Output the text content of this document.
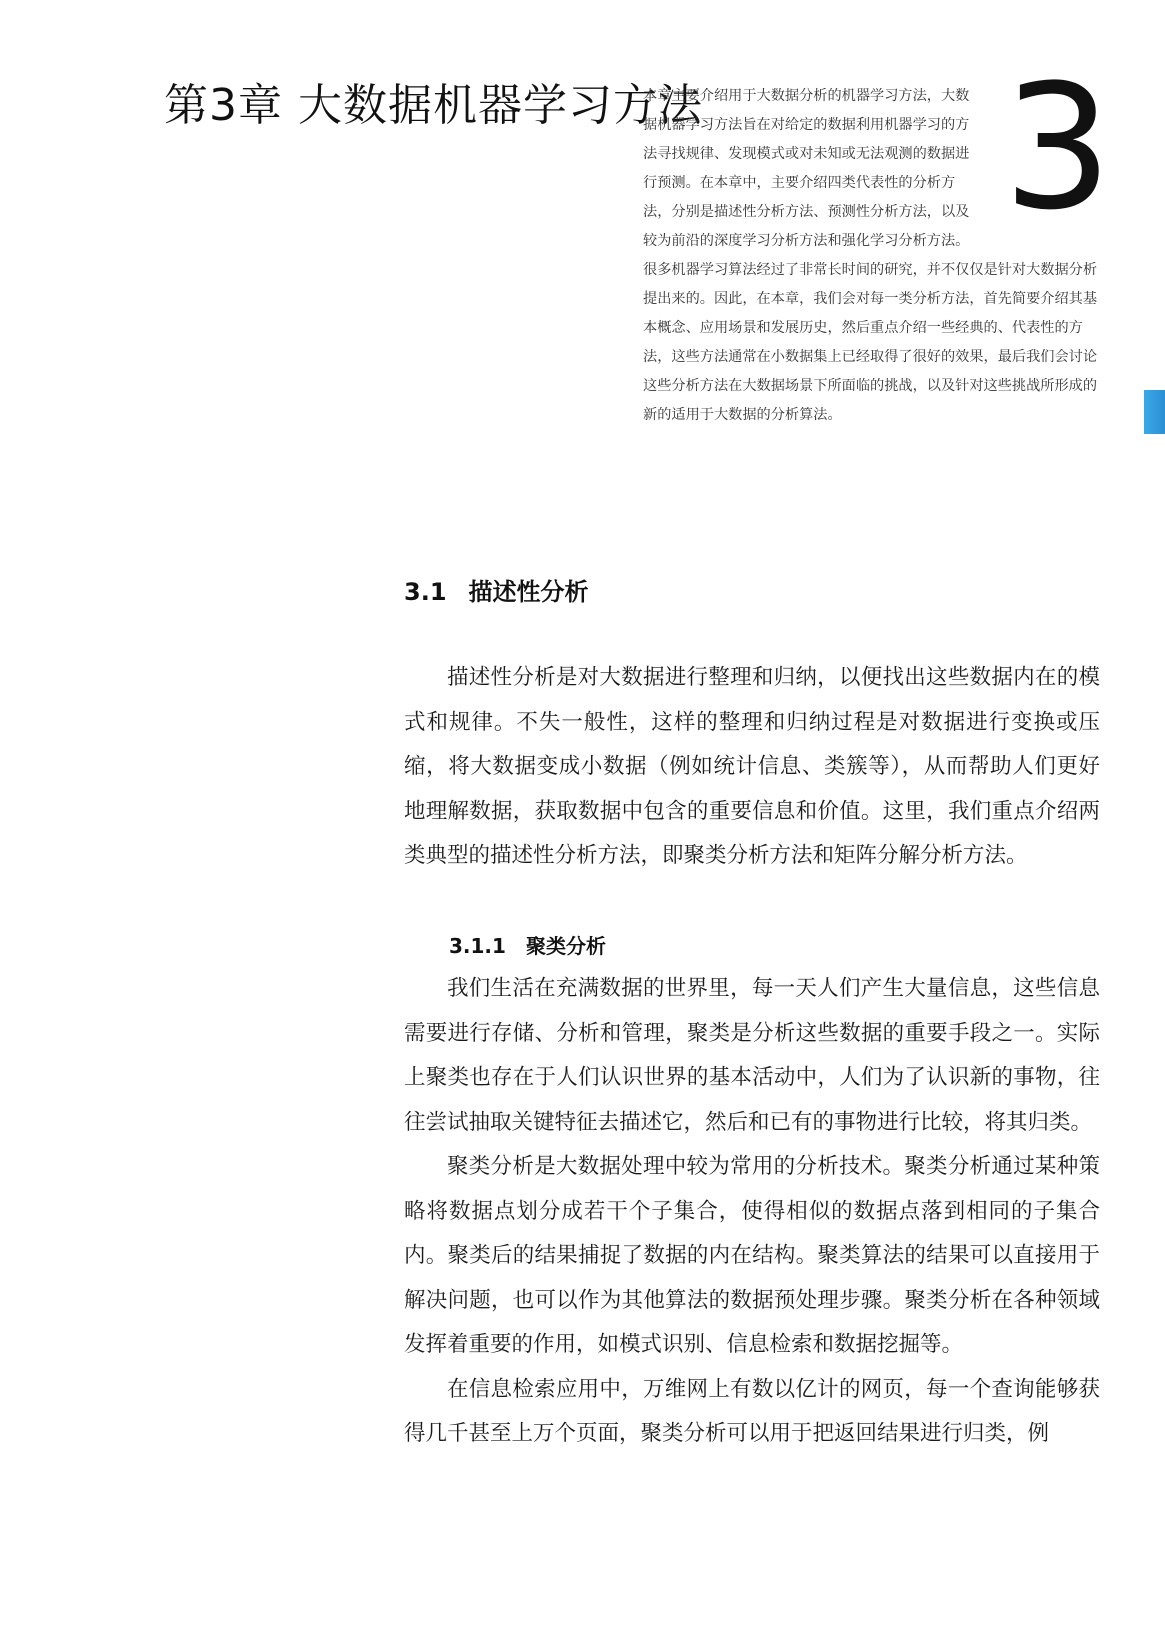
第3章 大数据机器学习方法
本章主要介绍用于大数据分析的机器学习方法，大数据机器学习方法旨在对给定的数据利用机器学习的方法寻找规律、发现模式或对未知或无法观测的数据进行预测。在本章中，主要介绍四类代表性的分析方法，分别是描述性分析方法、预测性分析方法，以及较为前沿的深度学习分析方法和强化学习分析方法。很多机器学习算法经过了非常长时间的研究，并不仅仅是针对大数据分析提出来的。因此，在本章，我们会对每一类分析方法，首先简要介绍其基本概念、应用场景和发展历史，然后重点介绍一些经典的、代表性的方法，这些方法通常在小数据集上已经取得了很好的效果，最后我们会讨论这些分析方法在大数据场景下所面临的挑战，以及针对这些挑战所形成的新的适用于大数据的分析算法。
3
3.1 描述性分析

描述性分析是对大数据进行整理和归纳，以便找出这些数据内在的模式和规律。不失一般性，这样的整理和归纳过程是对数据进行变换或压缩，将大数据变成小数据（例如统计信息、类簇等），从而帮助人们更好地理解数据，获取数据中包含的重要信息和价值。这里，我们重点介绍两类典型的描述性分析方法，即聚类分析方法和矩阵分解分析方法。

3.1.1 聚类分析

我们生活在充满数据的世界里，每一天人们产生大量信息，这些信息需要进行存储、分析和管理，聚类是分析这些数据的重要手段之一。实际上聚类也存在于人们认识世界的基本活动中，人们为了认识新的事物，往往尝试抽取关键特征去描述它，然后和已有的事物进行比较，将其归类。

聚类分析是大数据处理中较为常用的分析技术。聚类分析通过某种策略将数据点划分成若干个子集合，使得相似的数据点落到相同的子集合内。聚类后的结果捕捉了数据的内在结构。聚类算法的结果可以直接用于解决问题，也可以作为其他算法的数据预处理步骤。聚类分析在各种领域发挥着重要的作用，如模式识别、信息检索和数据挖掘等。

在信息检索应用中，万维网上有数以亿计的网页，每一个查询能够获得几千甚至上万个页面，聚类分析可以用于把返回结果进行归类，例
